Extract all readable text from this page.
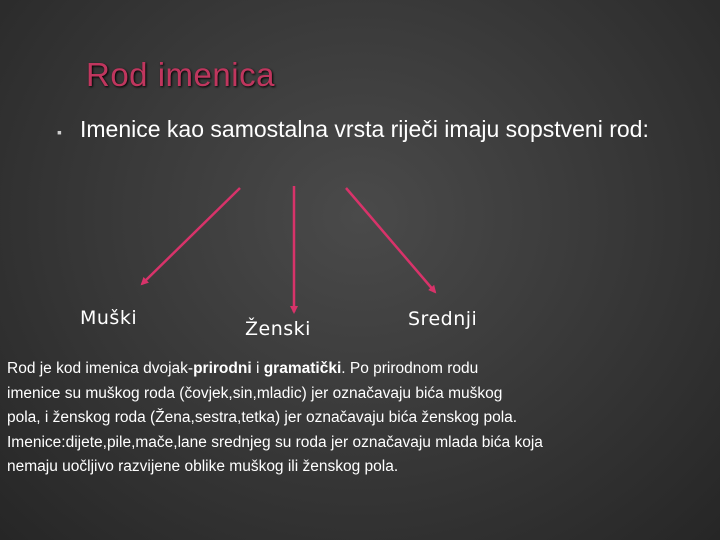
Rod imenica
▪ Imenice kao samostalna vrsta riječi imaju sopstveni rod:
Muški	Ženski	Srednji
Rod je kod imenica dvojak-prirodni i gramatički. Po prirodnom rodu
imenice su muškog roda (čovjek,sin,mladic) jer označavaju bića muškog
pola, i ženskog roda (Žena,sestra,tetka) jer označavaju bića ženskog pola.
Imenice:dijete,pile,mače,lane srednjeg su roda jer označavaju mlada bića koja
nemaju uočljivo razvijene oblike muškog ili ženskog pola.
